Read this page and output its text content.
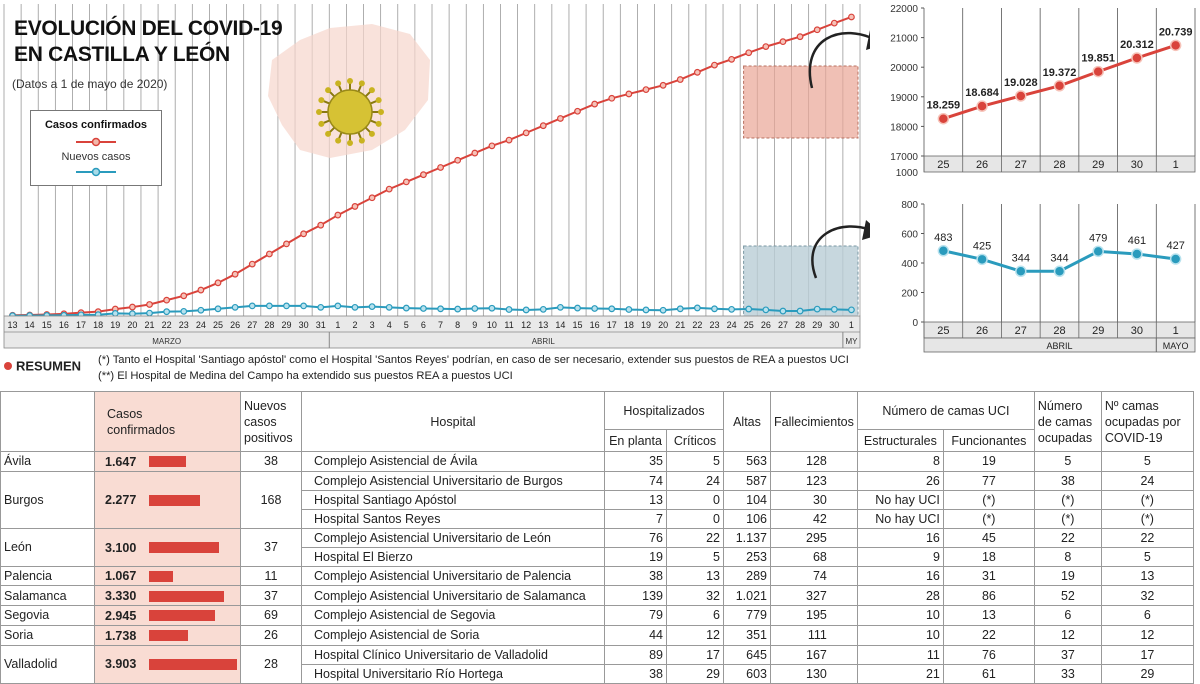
13 14 15 16 17 18 19 20 21 22 23 24 25 26 27 28 29 30 31 1 2 3 4 5 6 7 8 9 10 11 12 13 14 15 16 17 18 19 20 21 22 23 24 25 26 27 28 29 30 1
MARZO	ABRIL	MY
EVOLUCIÓN DEL COVID-19
EN CASTILLA Y LEÓN
(Datos a 1 de mayo de 2020)
Casos confirmados
Nuevos casos
22000
21000
20000
19000
18000
17000
1000
18.259
18.684
19.028
19.372
19.851
20.312
20.739
25 26 27 28 29 30	1
800
600
400
200
0
483
425
344 344
479 461 427
25 26 27 28 29 30	1
ABRIL	MAYO
RESUMEN (*) Tanto el Hospital 'Santiago apóstol' como el Hospital 'Santos Reyes' podrían, en caso de ser necesario, extender sus puestos de REA a puestos UCI
(**) El Hospital de Medina del Campo ha extendido sus puestos REA a puestos UCI

	Casos confirmados	Nuevos casos positivos	Hospital	Hospitalizados		Altas	Fallecimientos	Número de camas UCI		Número de camas ocupadas	Nº camas ocupadas por COVID-19

				En planta	Críticos			Estructurales	Funcionantes		
Ávila	1.647	38	Complejo Asistencial de Ávila	35	5	563	128	8	19	5	5
Burgos	2.277	168	Complejo Asistencial Universitario de Burgos	74	24	587	123	26	77	38	24
			Hospital Santiago Apóstol	13	0	104	30	No hay UCI	(*)	(*)	(*)
			Hospital Santos Reyes	7	0	106	42	No hay UCI	(*)	(*)	(*)
León	3.100	37	Complejo Asistencial Universitario de León	76	22	1.137	295	16	45	22	22
			Hospital El Bierzo	19	5	253	68	9	18	8	5
Palencia	1.067	11	Complejo Asistencial Universitario de Palencia	38	13	289	74	16	31	19	13
Salamanca	3.330	37	Complejo Asistencial Universitario de Salamanca	139	32	1.021	327	28	86	52	32
Segovia	2.945	69	Complejo Asistencial de Segovia	79	6	779	195	10	13	6	6
Soria	1.738	26	Complejo Asistencial de Soria	44	12	351	111	10	22	12	12
Valladolid	3.903	28	Hospital Clínico Universitario de Valladolid	89	17	645	167	11	76	37	17
			Hospital Universitario Río Hortega	38	29	603	130	21	61	33	29
